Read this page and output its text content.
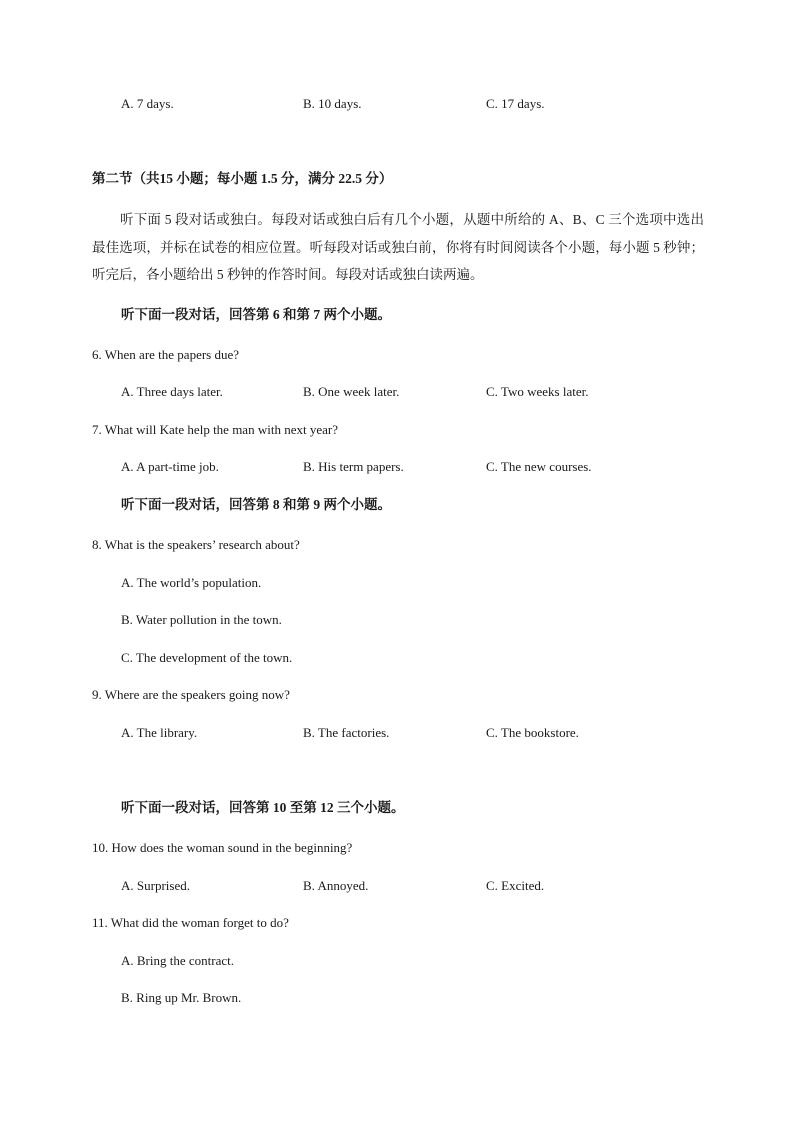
A. 7 days.	B. 10 days.	C. 17 days.
第二节（共15 小题；每小题 1.5 分，满分 22.5 分）
听下面 5 段对话或独白。每段对话或独白后有几个小题，从题中所给的 A、B、C 三个选项中选出最佳选项，并标在试卷的相应位置。听每段对话或独白前，你将有时间阅读各个小题，每小题 5 秒钟；听完后，各小题给出 5 秒钟的作答时间。每段对话或独白读两遍。
听下面一段对话，回答第 6 和第 7 两个小题。
6. When are the papers due?
A. Three days later.	B. One week later.	C. Two weeks later.
7. What will Kate help the man with next year?
A. A part-time job.	B. His term papers.	C. The new courses.
听下面一段对话，回答第 8 和第 9 两个小题。
8. What is the speakers’ research about?
A. The world’s population.
B. Water pollution in the town.
C. The development of the town.
9. Where are the speakers going now?
A. The library.	B. The factories.	C. The bookstore.
听下面一段对话，回答第 10 至第 12 三个小题。
10. How does the woman sound in the beginning?
A. Surprised.	B. Annoyed.	C. Excited.
11. What did the woman forget to do?
A. Bring the contract.
B. Ring up Mr. Brown.
